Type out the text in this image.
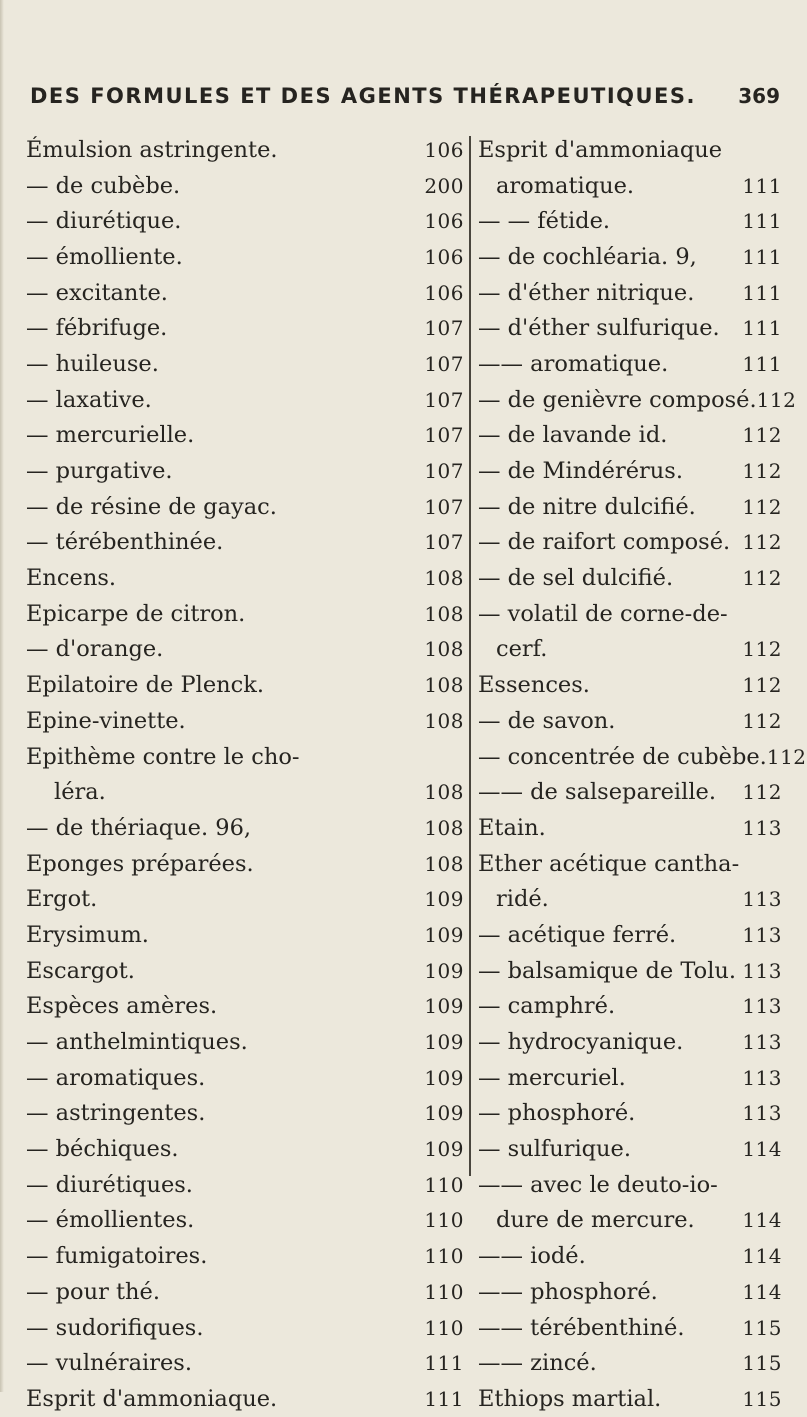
DES FORMULES ET DES AGENTS THÉRAPEUTIQUES. 369
Émulsion astringente.	106
— de cubèbe.	200
— diurétique.	106
— émolliente.	106
— excitante.	106
— fébrifuge.	107
— huileuse.	107
— laxative.	107
— mercurielle.	107
— purgative.	107
— de résine de gayac.	107
— térébenthinée.	107
Encens.	108
Epicarpe de citron.	108
— d'orange.	108
Epilatoire de Plenck.	108
Epine-vinette.	108
Epithème contre le cho-
léra.	108
— de thériaque. 96,	108
Eponges préparées.	108
Ergot.	109
Erysimum.	109
Escargot.	109
Espèces amères.	109
— anthelmintiques.	109
— aromatiques.	109
— astringentes.	109
— béchiques.	109
— diurétiques.	110
— émollientes.	110
— fumigatoires.	110
— pour thé.	110
— sudorifiques.	110
— vulnéraires.	111
Esprit d'ammoniaque.	111
Esprit d'ammoniaque
aromatique.	111
— — fétide.	111
— de cochléaria. 9, 111
— d'éther nitrique. 111
— d'éther sulfurique. 111
—— aromatique.	111
— de genièvre composé. 112
— de lavande id.	112
— de Mindérérus.	112
— de nitre dulcifié. 112
— de raifort composé. 112
— de sel dulcifié.	112
— volatil de corne-de-
cerf.	112
Essences.	112
— de savon.	112
— concentrée de cubèbe. 112
—— de salsepareille. 112
Etain.	113
Ether acétique cantha-
ridé.	113
— acétique ferré.	113
— balsamique de Tolu. 113
— camphré.	113
— hydrocyanique.	113
— mercuriel.	113
— phosphoré.	113
— sulfurique.	114
—— avec le deuto-io-
dure de mercure. 114
—— iodé.	114
—— phosphoré.	114
—— térébenthiné.	115
—— zincé.	115
Ethiops martial.	115
